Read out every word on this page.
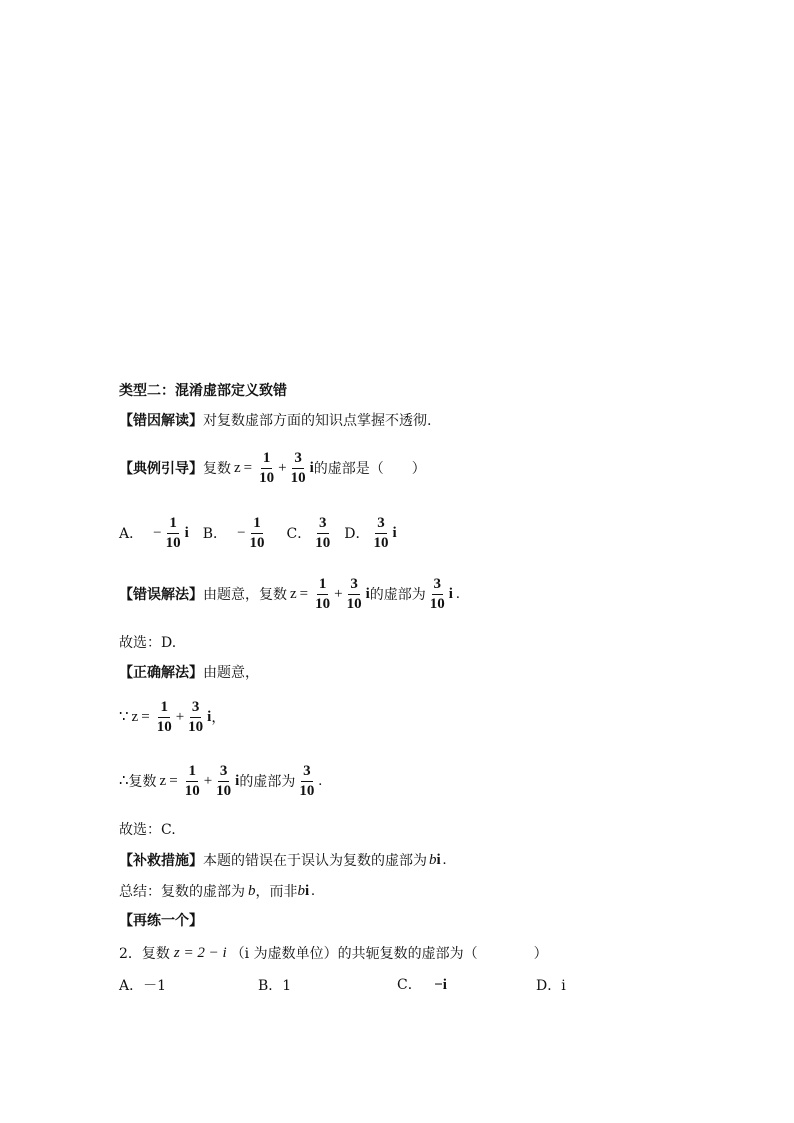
类型二：混淆虚部定义致错
【错因解读】 对复数虚部方面的知识点掌握不透彻.
【典例引导】 复数 $z = \frac{1}{10} + \frac{3}{10}$ i 的虚部是（　　）
A． − $\frac{1}{10}$ i B． − $\frac{1}{10}$ C． $\frac{3}{10}$ D． $\frac{3}{10}$ i
【错误解法】 由题意，复数 $z = \frac{1}{10} + \frac{3}{10}$ i 的虚部为 $\frac{3}{10}$ i .
故选：D.
【正确解法】 由题意，
∵ $z = \frac{1}{10} + \frac{3}{10}$ i ，
∴ 复数 $z = \frac{1}{10} + \frac{3}{10}$ i 的虚部为 $\frac{3}{10}$ .
故选：C.
【补救措施】 本题的错误在于误认为复数的虚部为 b i .
总结：复数的虚部为 b ，而非 b i .
【再练一个】
2．复数 z = 2 − i （i 为虚数单位）的共轭复数的虚部为（　　　　）
A．－1	B．1	C． −i	D．i
